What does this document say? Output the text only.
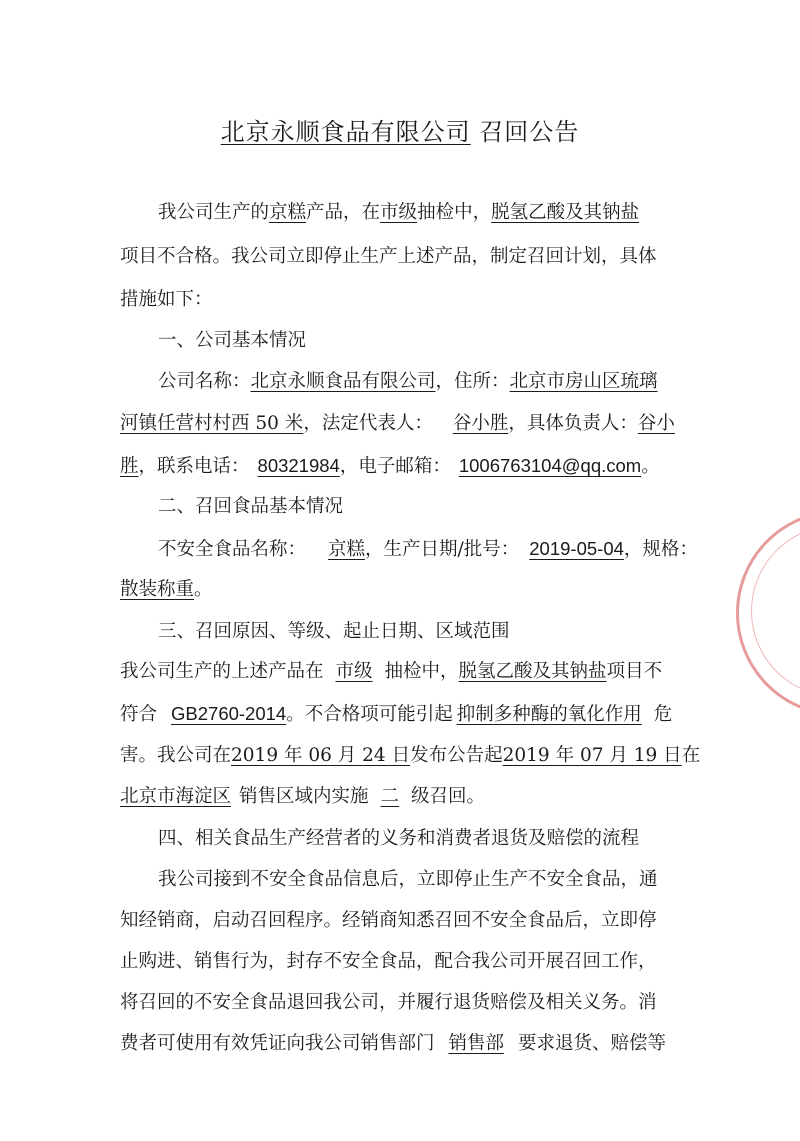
北京永顺食品有限公司 召回公告
我公司生产的京糕产品，在市级抽检中，脱氢乙酸及其钠盐
项目不合格。我公司立即停止生产上述产品，制定召回计划，具体
措施如下：
一、公司基本情况
公司名称：北京永顺食品有限公司，住所：北京市房山区琉璃
河镇任营村村西 50 米，法定代表人： 谷小胜，具体负责人：谷小
胜，联系电话： 80321984，电子邮箱： 1006763104@qq.com。
二、召回食品基本情况
不安全食品名称： 京糕，生产日期/批号： 2019-05-04，规格：
散装称重。
三、召回原因、等级、起止日期、区域范围
我公司生产的上述产品在 市级 抽检中，脱氢乙酸及其钠盐项目不
符合 GB2760-2014。不合格项可能引起 抑制多种酶的氧化作用 危
害。我公司在2019 年 06 月 24 日发布公告起2019 年 07 月 19 日在
北京市海淀区 销售区域内实施 二 级召回。
四、相关食品生产经营者的义务和消费者退货及赔偿的流程
我公司接到不安全食品信息后，立即停止生产不安全食品，通
知经销商，启动召回程序。经销商知悉召回不安全食品后，立即停
止购进、销售行为，封存不安全食品，配合我公司开展召回工作，
将召回的不安全食品退回我公司，并履行退货赔偿及相关义务。消
费者可使用有效凭证向我公司销售部门 销售部 要求退货、赔偿等
